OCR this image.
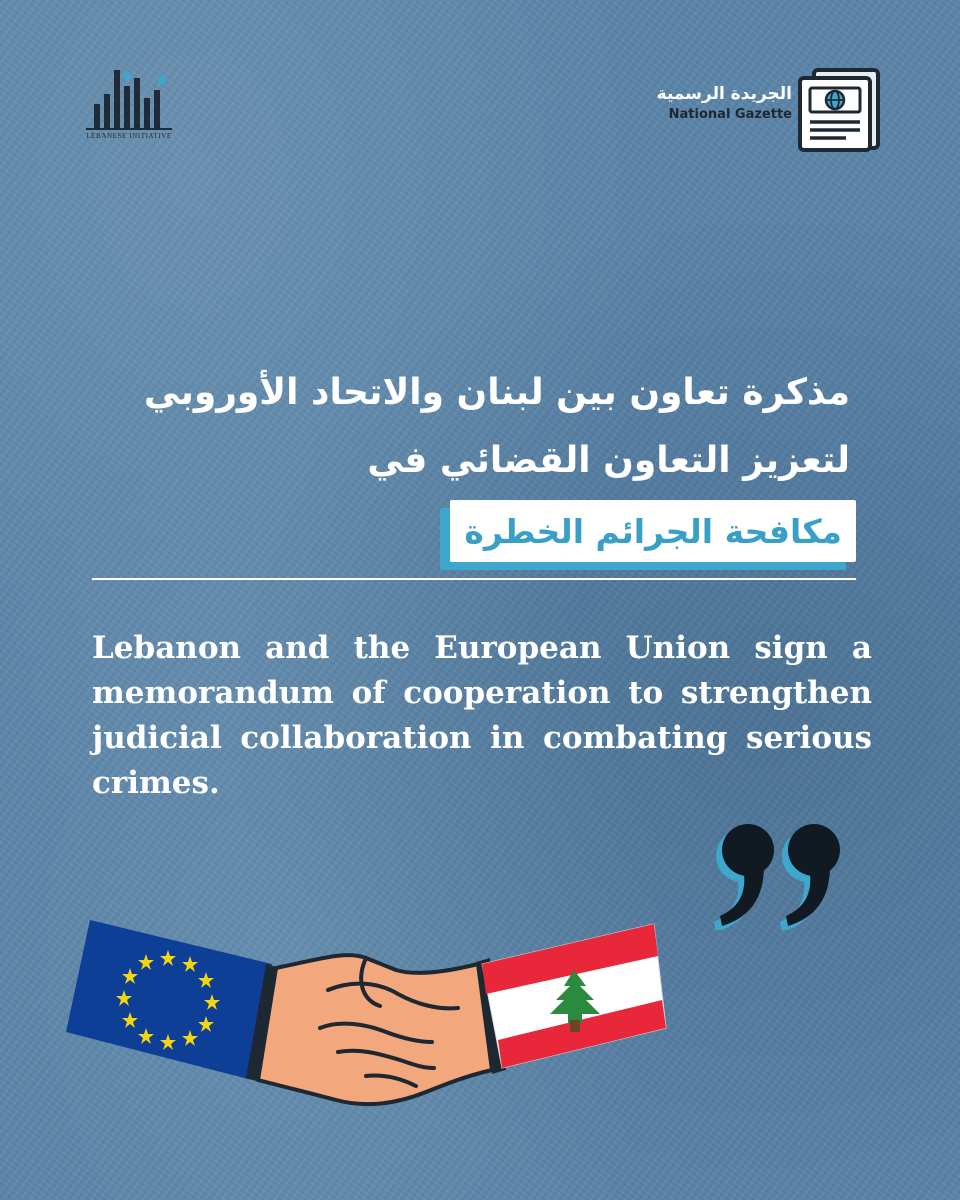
LEBANESE INITIATIVE
الجريدة الرسمية
National Gazette
مذكرة تعاون بين لبنان والاتحاد الأوروبي
لتعزيز التعاون القضائي في
مكافحة الجرائم الخطرة

Lebanon and the European Union sign a memorandum of cooperation to strengthen judicial collaboration in combating serious crimes.
